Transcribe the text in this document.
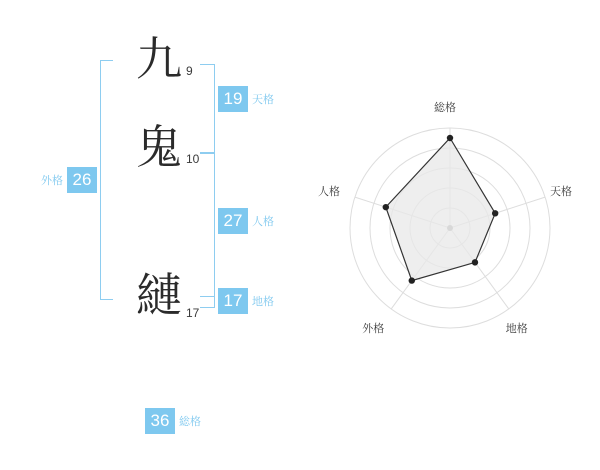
九
鬼
縺
9
10
17
19 天格
27 人格
17 地格
36 総格
外格 26
総格
天格
地格
外格
人格
